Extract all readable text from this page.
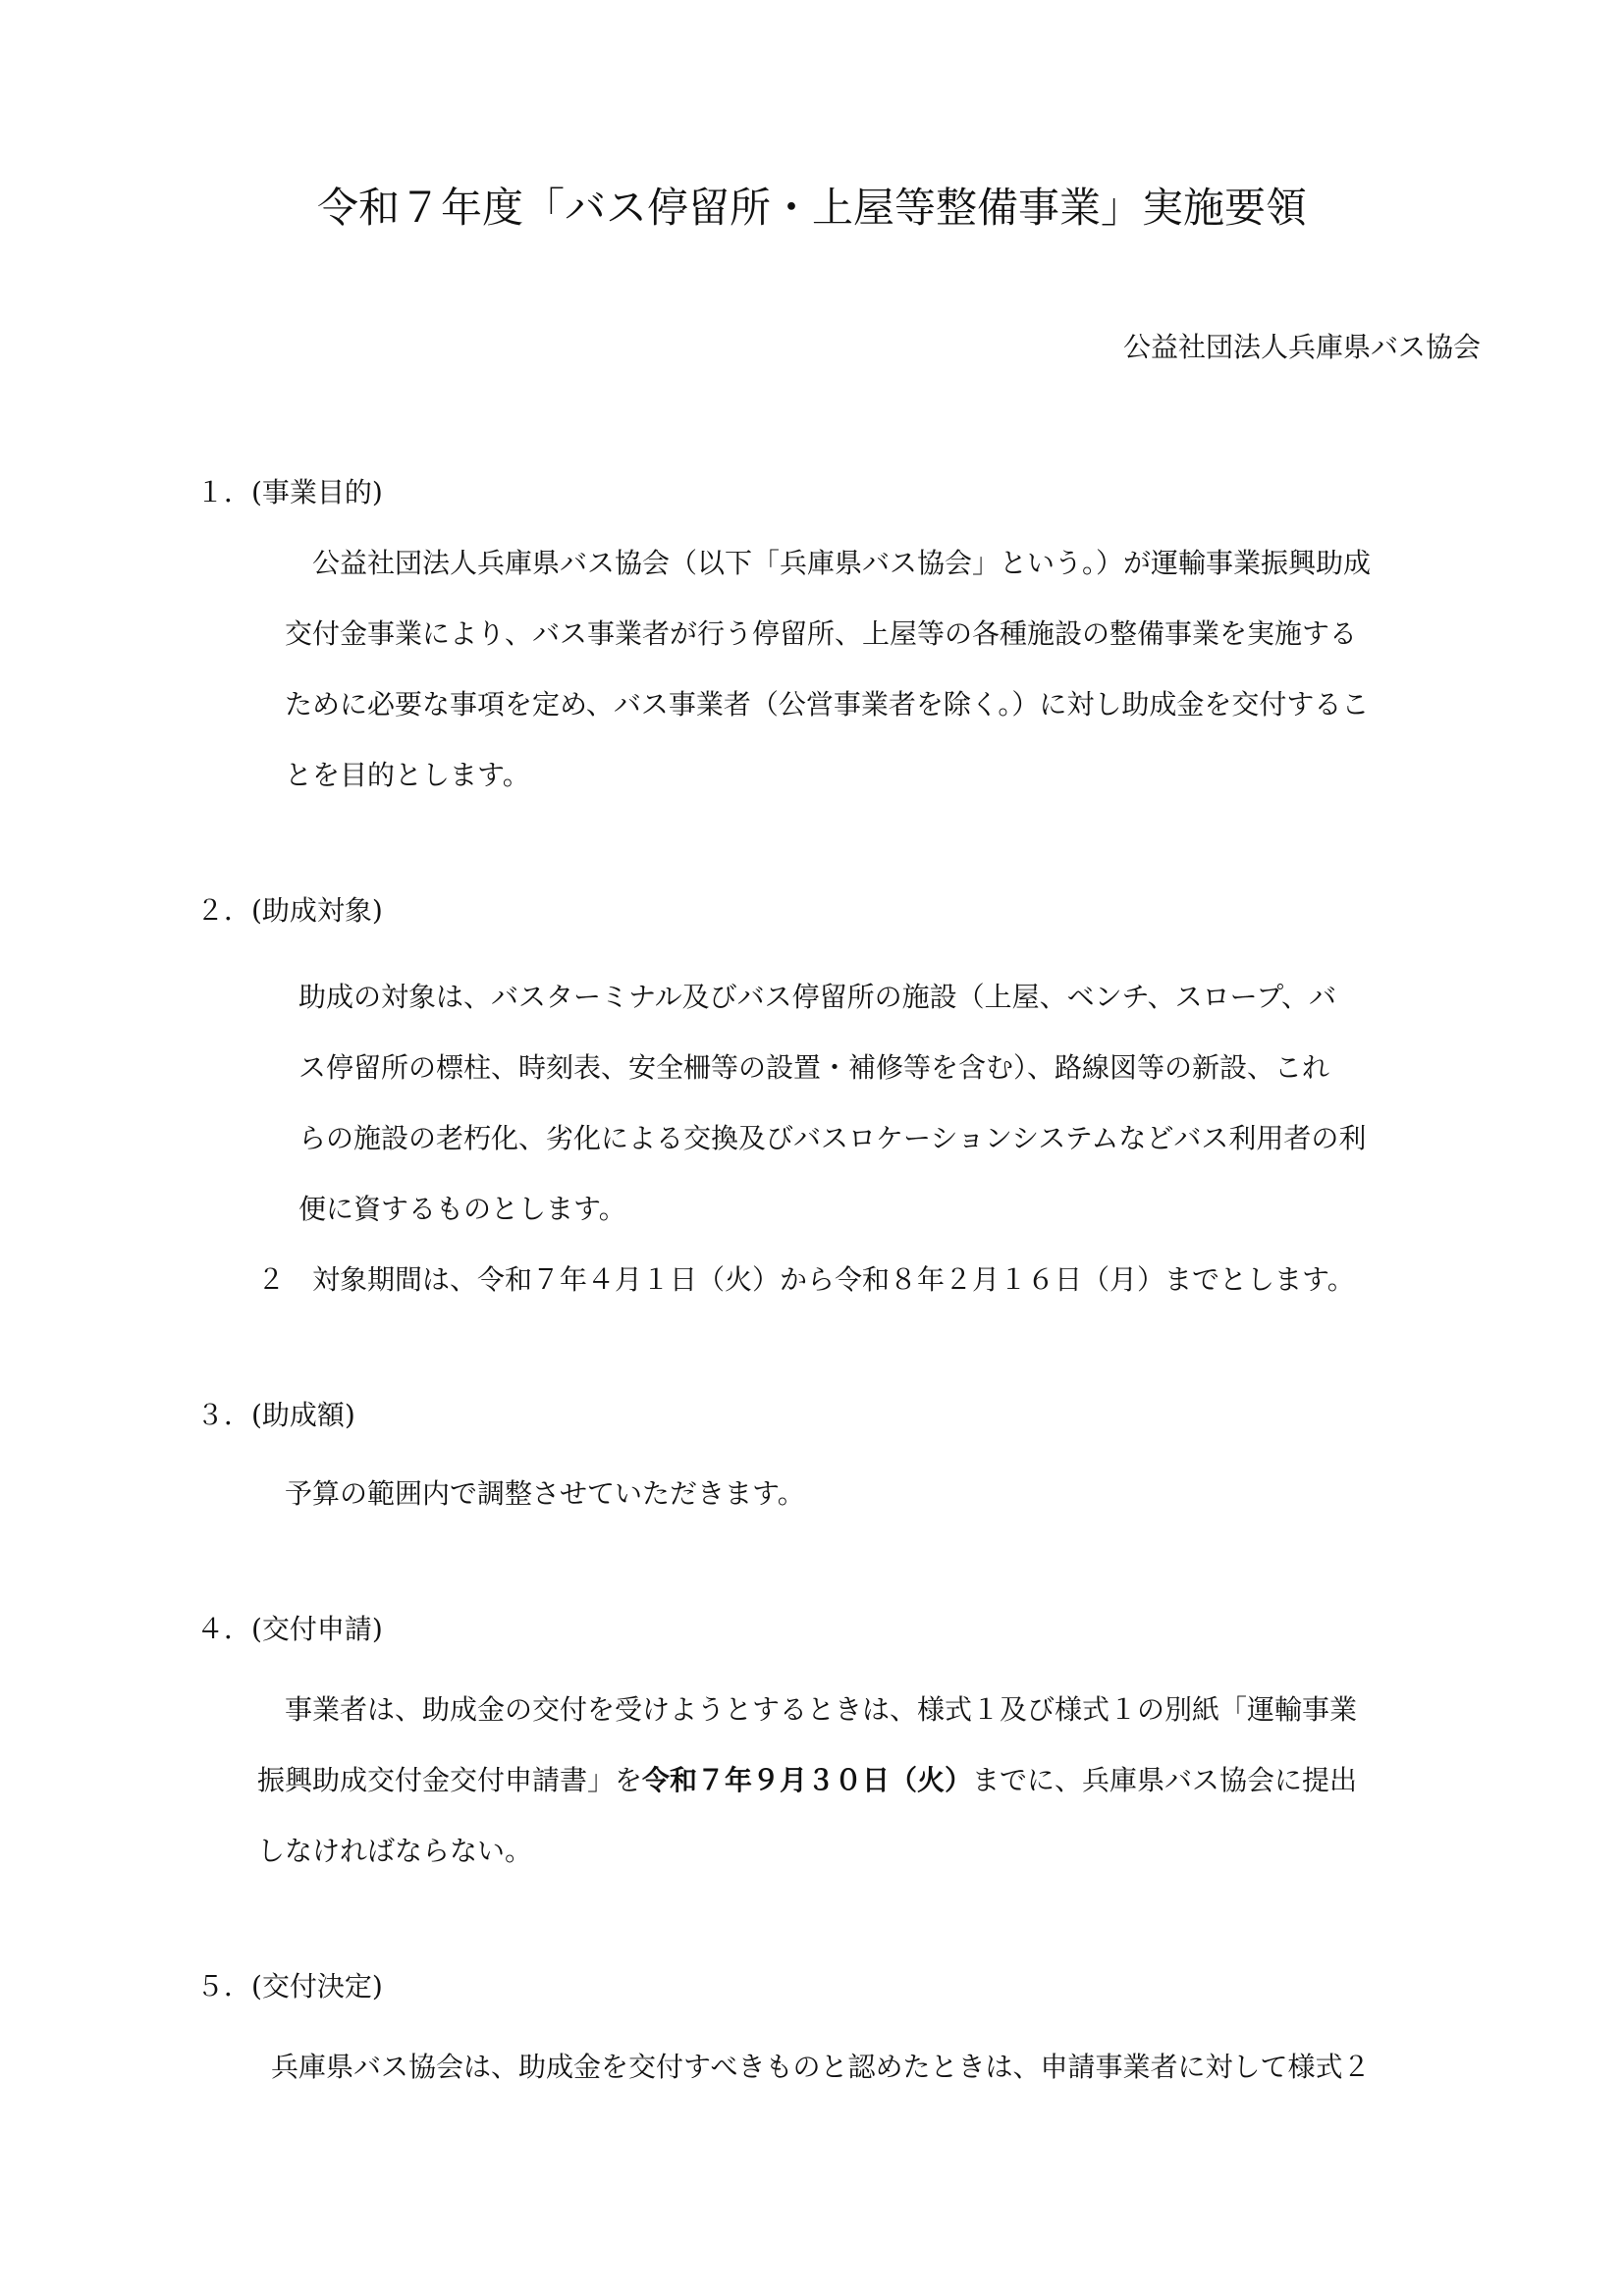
令和７年度「バス停留所・上屋等整備事業」実施要領
公益社団法人兵庫県バス協会
１．(事業目的)
公益社団法人兵庫県バス協会（以下「兵庫県バス協会」という。）が運輸事業振興助成
交付金事業により、バス事業者が行う停留所、上屋等の各種施設の整備事業を実施する
ために必要な事項を定め、バス事業者（公営事業者を除く。）に対し助成金を交付するこ
とを目的とします。
２．(助成対象)
助成の対象は、バスターミナル及びバス停留所の施設（上屋、ベンチ、スロープ、バ
ス停留所の標柱、時刻表、安全柵等の設置・補修等を含む）、路線図等の新設、これ
らの施設の老朽化、劣化による交換及びバスロケーションシステムなどバス利用者の利
便に資するものとします。
２　対象期間は、令和７年４月１日（火）から令和８年２月１６日（月）までとします。
３．(助成額)
予算の範囲内で調整させていただきます。
４．(交付申請)
事業者は、助成金の交付を受けようとするときは、様式１及び様式１の別紙「運輸事業
振興助成交付金交付申請書」を令和７年９月３０日（火）までに、兵庫県バス協会に提出
しなければならない。
５．(交付決定)
兵庫県バス協会は、助成金を交付すべきものと認めたときは、申請事業者に対して様式２
